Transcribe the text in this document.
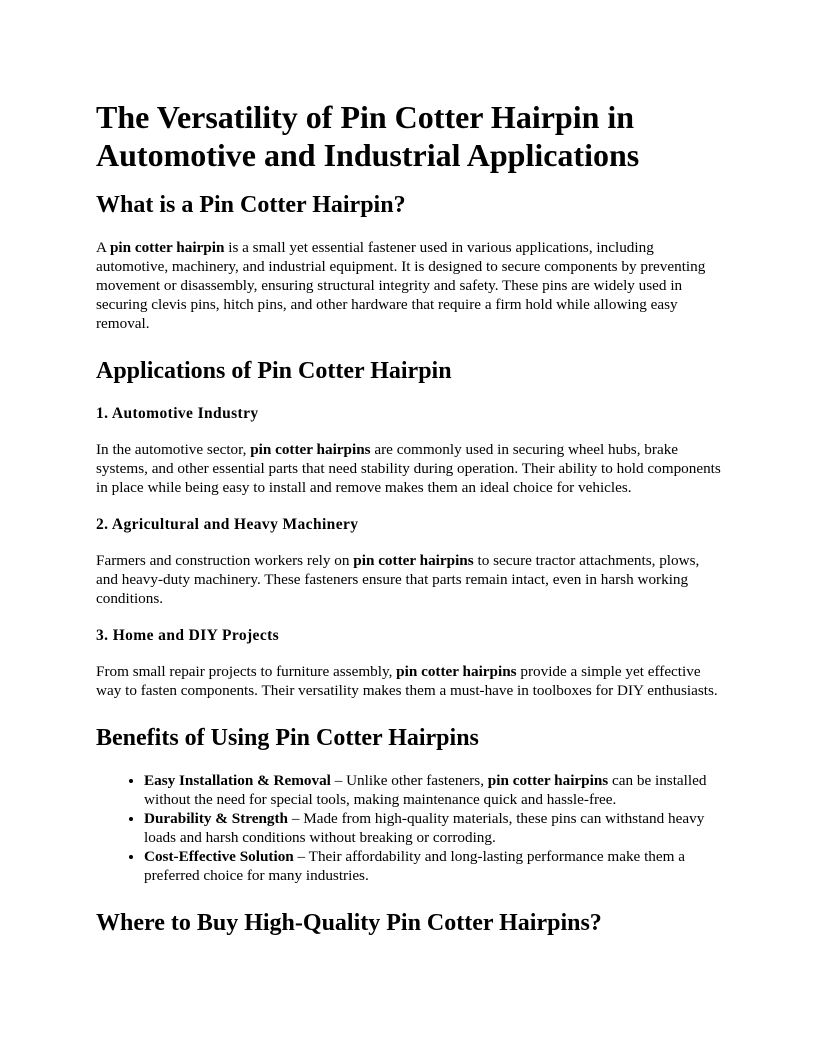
The Versatility of Pin Cotter Hairpin in Automotive and Industrial Applications
What is a Pin Cotter Hairpin?

A pin cotter hairpin is a small yet essential fastener used in various applications, including automotive, machinery, and industrial equipment. It is designed to secure components by preventing movement or disassembly, ensuring structural integrity and safety. These pins are widely used in securing clevis pins, hitch pins, and other hardware that require a firm hold while allowing easy removal.

Applications of Pin Cotter Hairpin
1. Automotive Industry

In the automotive sector, pin cotter hairpins are commonly used in securing wheel hubs, brake systems, and other essential parts that need stability during operation. Their ability to hold components in place while being easy to install and remove makes them an ideal choice for vehicles.

2. Agricultural and Heavy Machinery

Farmers and construction workers rely on pin cotter hairpins to secure tractor attachments, plows, and heavy-duty machinery. These fasteners ensure that parts remain intact, even in harsh working conditions.

3. Home and DIY Projects

From small repair projects to furniture assembly, pin cotter hairpins provide a simple yet effective way to fasten components. Their versatility makes them a must-have in toolboxes for DIY enthusiasts.

Benefits of Using Pin Cotter Hairpins
• Easy Installation & Removal – Unlike other fasteners, pin cotter hairpins can be installed without the need for special tools, making maintenance quick and hassle-free.
• Durability & Strength – Made from high-quality materials, these pins can withstand heavy loads and harsh conditions without breaking or corroding.
• Cost-Effective Solution – Their affordability and long-lasting performance make them a preferred choice for many industries.
Where to Buy High-Quality Pin Cotter Hairpins?
